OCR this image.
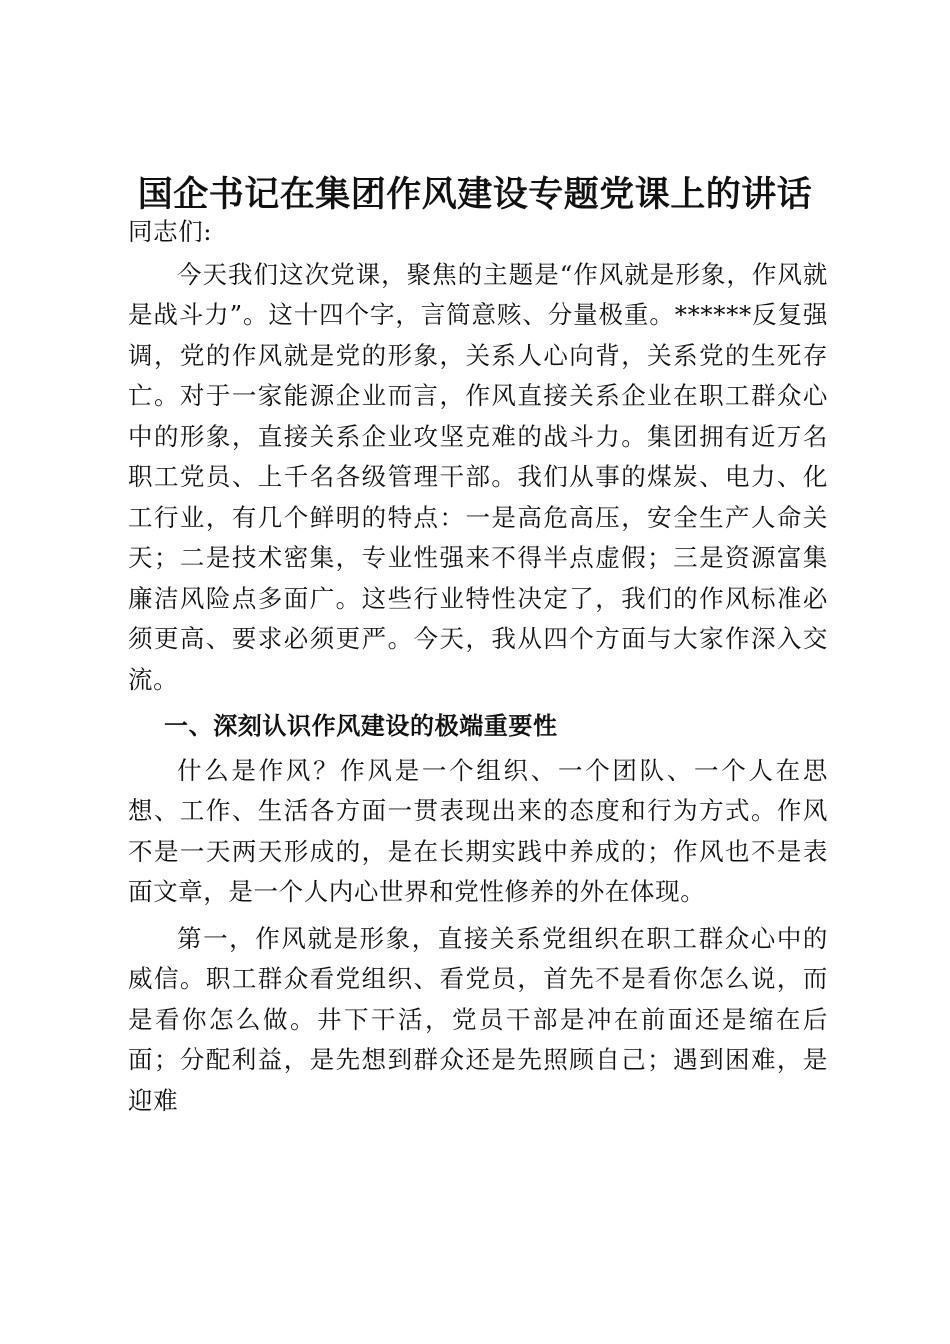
国企书记在集团作风建设专题党课上的讲话

同志们:

今天我们这次党课，聚焦的主题是“作风就是形象，作风就是战斗力”。这十四个字，言简意赅、分量极重。******反复强调，党的作风就是党的形象，关系人心向背，关系党的生死存亡。对于一家能源企业而言，作风直接关系企业在职工群众心中的形象，直接关系企业攻坚克难的战斗力。集团拥有近万名职工党员、上千名各级管理干部。我们从事的煤炭、电力、化工行业，有几个鲜明的特点：一是高危高压，安全生产人命关天；二是技术密集，专业性强来不得半点虚假；三是资源富集廉洁风险点多面广。这些行业特性决定了，我们的作风标准必须更高、要求必须更严。今天，我从四个方面与大家作深入交流。

一、深刻认识作风建设的极端重要性

什么是作风？作风是一个组织、一个团队、一个人在思想、工作、生活各方面一贯表现出来的态度和行为方式。作风不是一天两天形成的，是在长期实践中养成的；作风也不是表面文章，是一个人内心世界和党性修养的外在体现。

第一，作风就是形象，直接关系党组织在职工群众心中的威信。职工群众看党组织、看党员，首先不是看你怎么说，而是看你怎么做。井下干活，党员干部是冲在前面还是缩在后面；分配利益，是先想到群众还是先照顾自己；遇到困难，是迎难
